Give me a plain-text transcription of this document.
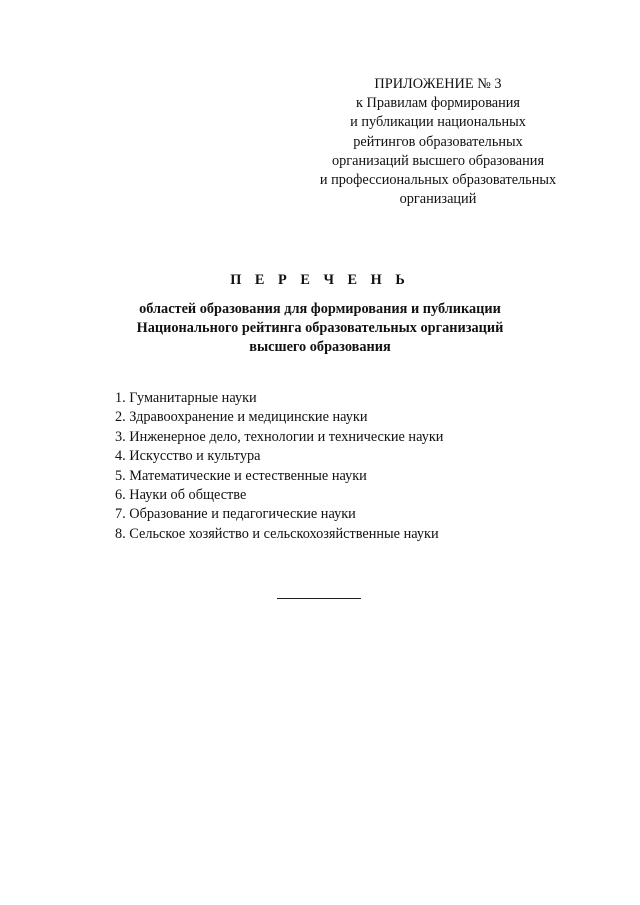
ПРИЛОЖЕНИЕ № 3
к Правилам формирования
и публикации национальных
рейтингов образовательных
организаций высшего образования
и профессиональных образовательных
организаций
П Е Р Е Ч Е Н Ь
областей образования для формирования и публикации
Национального рейтинга образовательных организаций
высшего образования
1. Гуманитарные науки
2. Здравоохранение и медицинские науки
3. Инженерное дело, технологии и технические науки
4. Искусство и культура
5. Математические и естественные науки
6. Науки об обществе
7. Образование и педагогические науки
8. Сельское хозяйство и сельскохозяйственные науки
